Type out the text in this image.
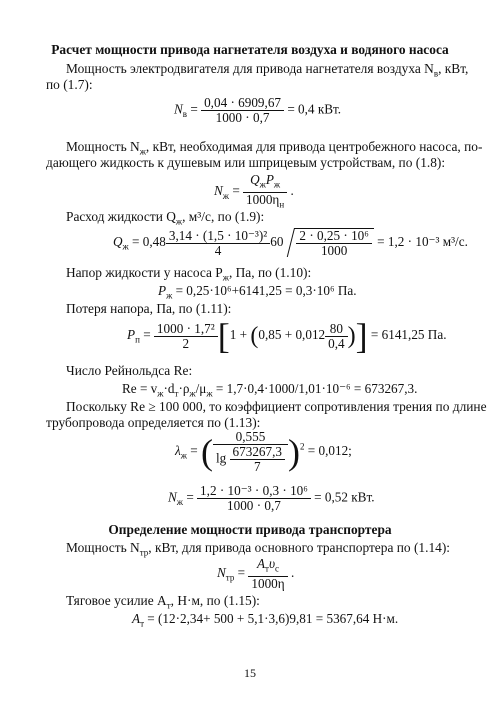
Расчет мощности привода нагнетателя воздуха и водяного насоса
Мощность электродвигателя для привода нагнетателя воздуха $N_в$, кВт,
по (1.7):
$N_в = \frac{0,04 \cdot 6909,67}{1000 \cdot 0,7} = 0,4$ кВт.
Мощность $N_ж$, кВт, необходимая для привода центробежного насоса, по-
дающего жидкость к душевым или шприцевым устройствам, по (1.8):
$N_ж = \frac{Q_жP_ж}{1000\eta_н}$ .
Расход жидкости $Q_ж$, м³/с, по (1.9):
$Q_ж = 0,48 \frac{\text{3,14 · (1,5 · 10⁻³)²}}{4} 60 \frac{\text{2 · 0,25 · 10⁶}}{1000} = 1,2 \cdot 10^{-3}$ м³/с.
Напор жидкости у насоса $P_ж$, Па, по (1.10):
$P_ж = 0,25\cdot 10^6+6141,25 = 0,3\cdot 10^6$ Па.
Потеря напора, Па, по (1.11):
$P_п = \frac{\text{1000 · 1,7²}}{2} [1 + (0,85 + 0,012 \frac{80}{0,4}$ )] = 6141,25 Па.
Число Рейнольдса Re:
$Re = v_ж\cdot d_т\cdot\rho_ж/\mu_ж = 1,7\cdot 0,4\cdot 1000/1,01\cdot 10^{-6} = 673267,3$.
Поскольку Re ≥ 100 000, то коэффициент сопротивления трения по длине
трубопровода определяется по (1.13):
$\lambda_ж$ = ( $\frac{0,555}{\lg \frac{673267,3}{7}} )^2 = 0,012$;
$N_ж = \frac{\text{1,2 · 10⁻³ · 0,3 · 10⁶}}{1000 \cdot 0,7} = 0,52$ кВт.
Определение мощности привода транспортера
Мощность $N_{тр}$, кВт, для привода основного транспортера по (1.14):
$N_{тр} = \frac{A_т\upsilon_c}{1000\eta}$ .
Тяговое усилие $A_т$, Н·м, по (1.15):
$A_т = (12\cdot 2,34+ 500 + 5,1\cdot 3,6)9,81 = 5367,64$ Н·м.
15
